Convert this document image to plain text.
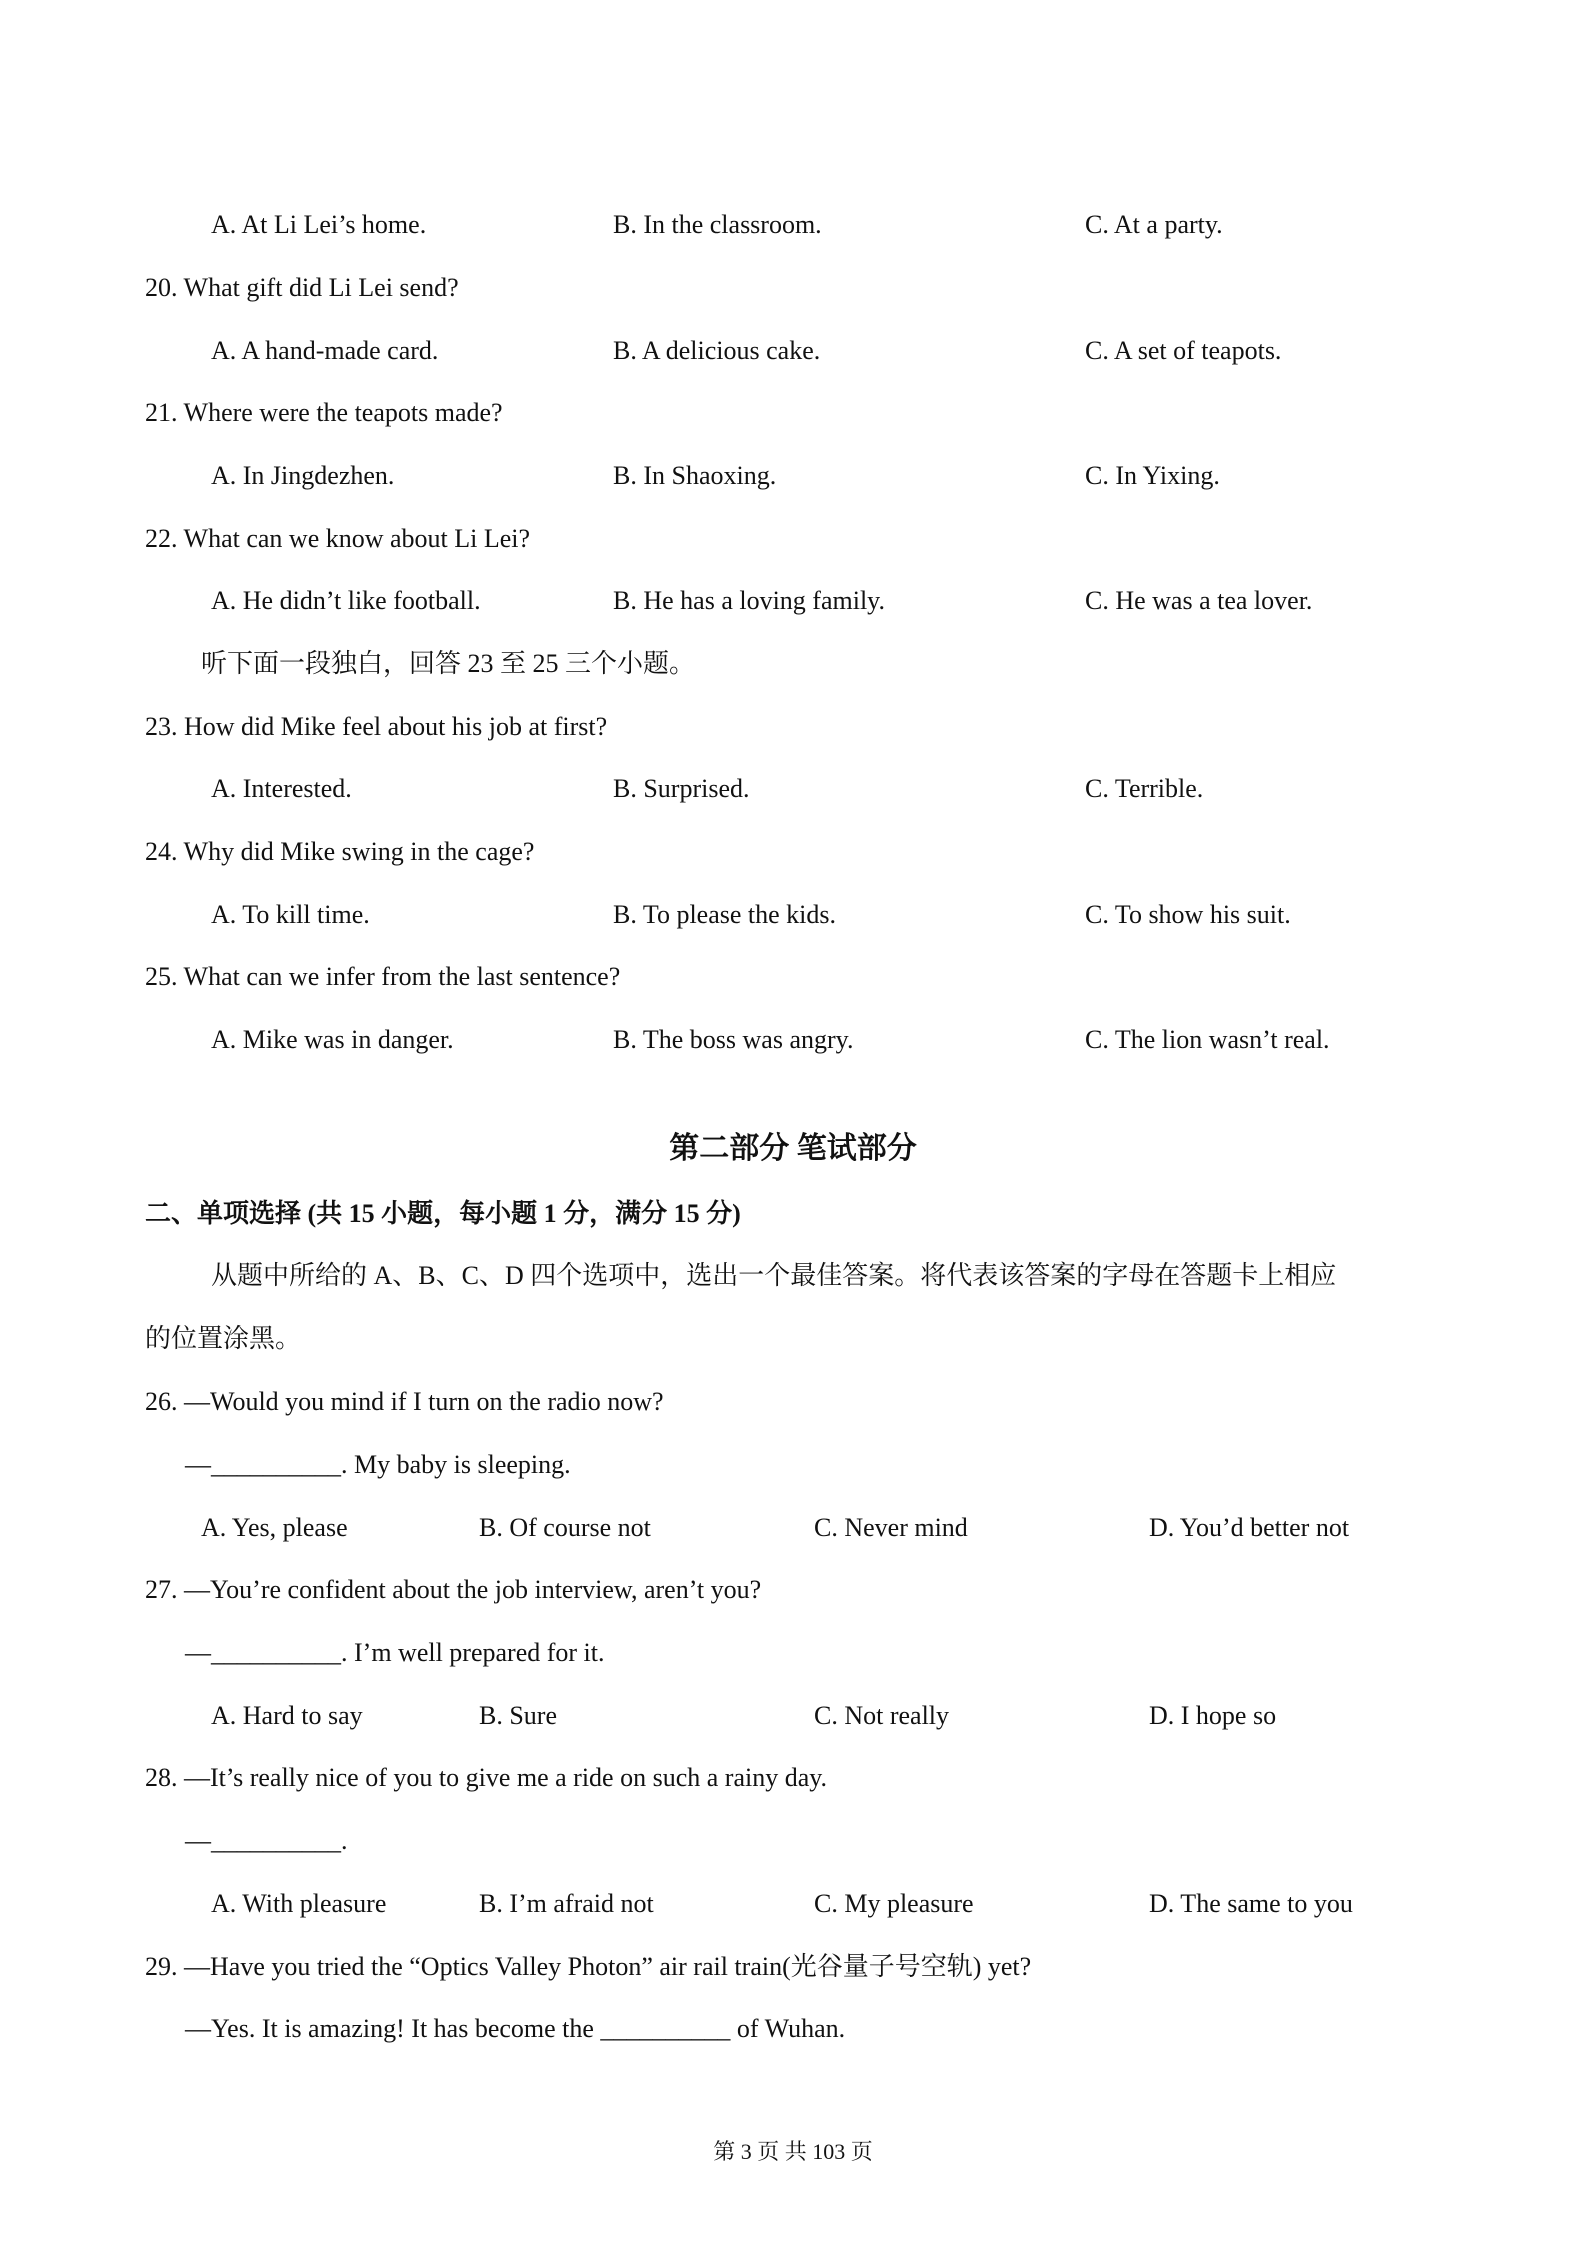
A. At Li Lei’s home.	B. In the classroom.	C. At a party.
20. What gift did Li Lei send?
A. A hand-made card.	B. A delicious cake.	C. A set of teapots.
21. Where were the teapots made?
A. In Jingdezhen.	B. In Shaoxing.	C. In Yixing.
22. What can we know about Li Lei?
A. He didn’t like football.	B. He has a loving family.	C. He was a tea lover.
听下面一段独白，回答 23 至 25 三个小题。
23. How did Mike feel about his job at first?
A. Interested.	B. Surprised.	C. Terrible.
24. Why did Mike swing in the cage?
A. To kill time.	B. To please the kids.	C. To show his suit.
25. What can we infer from the last sentence?
A. Mike was in danger.	B. The boss was angry.	C. The lion wasn’t real.
第二部分 笔试部分
二、单项选择 (共 15 小题，每小题 1 分，满分 15 分)
从题中所给的 A、B、C、D 四个选项中，选出一个最佳答案。将代表该答案的字母在答题卡上相应
的位置涂黑。
26. —Would you mind if I turn on the radio now?
—__________. My baby is sleeping.
A. Yes, please	B. Of course not	C. Never mind	D. You’d better not
27. —You’re confident about the job interview, aren’t you?
—__________. I’m well prepared for it.
A. Hard to say	B. Sure	C. Not really	D. I hope so
28. —It’s really nice of you to give me a ride on such a rainy day.
—__________.
A. With pleasure	B. I’m afraid not	C. My pleasure	D. The same to you
29. —Have you tried the “Optics Valley Photon” air rail train(光谷量子号空轨) yet?
—Yes. It is amazing! It has become the __________ of Wuhan.
第 3 页 共 103 页
